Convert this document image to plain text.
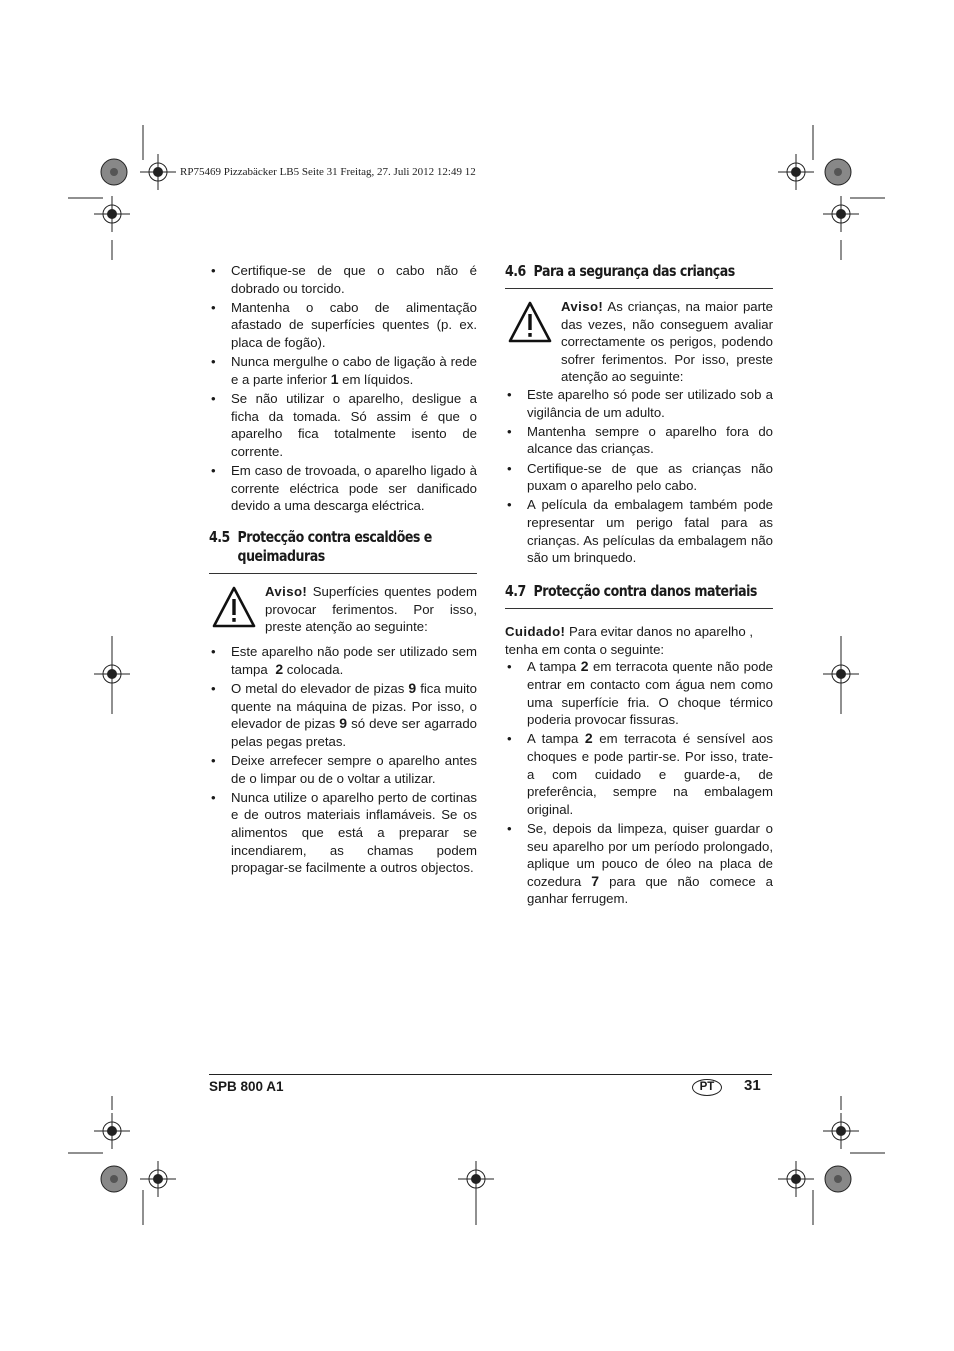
RP75469 Pizzabäcker LB5 Seite 31 Freitag, 27. Juli 2012 12:49 12
• Certifique-se de que o cabo não é dobrado ou torcido.
• Mantenha o cabo de alimentação afastado de superfícies quentes (p. ex. placa de fogão).
• Nunca mergulhe o cabo de ligação à rede e a parte inferior 1 em líquidos.
• Se não utilizar o aparelho, desligue a ficha da tomada. Só assim é que o aparelho fica totalmente isento de corrente.
• Em caso de trovoada, o aparelho ligado à corrente eléctrica pode ser danificado devido a uma descarga eléctrica.
4.5 Protecção contra escaldões e
queimaduras
Aviso! Superfícies quentes podem provocar ferimentos. Por isso, preste atenção ao seguinte:
• Este aparelho não pode ser utilizado sem tampa 2 colocada.
• O metal do elevador de pizas 9 fica muito quente na máquina de pizas. Por isso, o elevador de pizas 9 só deve ser agarrado pelas pegas pretas.
• Deixe arrefecer sempre o aparelho antes de o limpar ou de o voltar a utilizar.
• Nunca utilize o aparelho perto de cortinas e de outros materiais inflamáveis. Se os alimentos que está a preparar se incendiarem, as chamas podem propagar-se facilmente a outros objectos.
4.6 Para a segurança das crianças
Aviso! As crianças, na maior parte das vezes, não conseguem avaliar correctamente os perigos, podendo sofrer ferimentos. Por isso, preste atenção ao seguinte:
• Este aparelho só pode ser utilizado sob a vigilância de um adulto.
• Mantenha sempre o aparelho fora do alcance das crianças.
• Certifique-se de que as crianças não puxam o aparelho pelo cabo.
• A película da embalagem também pode representar um perigo fatal para as crianças. As películas da embalagem não são um brinquedo.
4.7 Protecção contra danos materiais

Cuidado! Para evitar danos no aparelho , tenha em conta o seguinte:

• A tampa 2 em terracota quente não pode entrar em contacto com água nem como uma superfície fria. O choque térmico poderia provocar fissuras.
• A tampa 2 em terracota é sensível aos choques e pode partir-se. Por isso, trate-a com cuidado e guarde-a, de preferência, sempre na embalagem original.
• Se, depois da limpeza, quiser guardar o seu aparelho por um período prolongado, aplique um pouco de óleo na placa de cozedura 7 para que não comece a ganhar ferrugem.
SPB 800 A1	PT	31
